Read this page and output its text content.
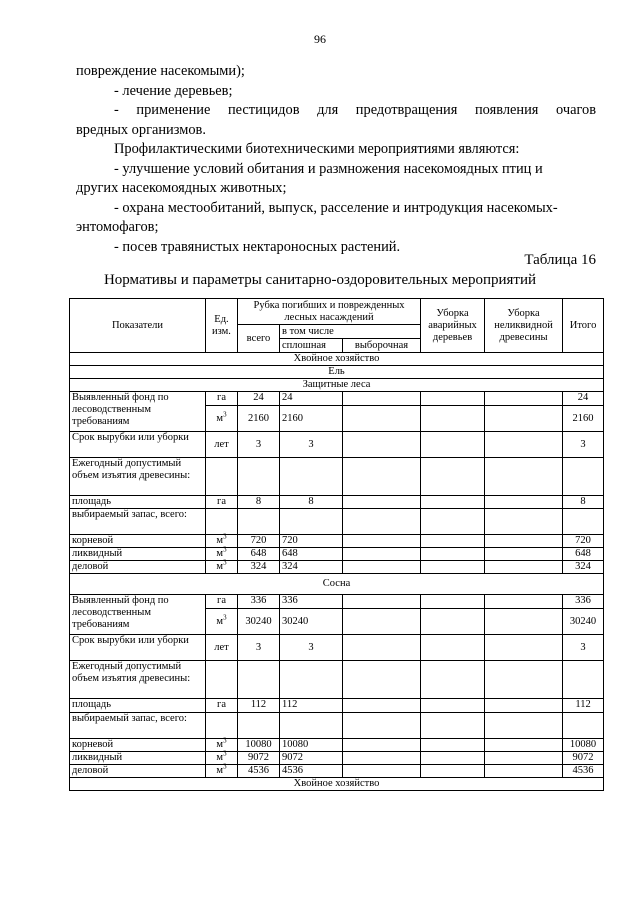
96
повреждение насекомыми);
- лечение деревьев;
- применение пестицидов для предотвращения появления очагов
вредных организмов.
Профилактическими биотехническими мероприятиями являются:
- улучшение условий обитания и размножения насекомоядных птиц и
других насекомоядных животных;
- охрана местообитаний, выпуск, расселение и интродукция насекомых-
энтомофагов;
- посев травянистых нектароносных растений.
Таблица 16
Нормативы и параметры санитарно-оздоровительных мероприятий
Показатели	Ед. изм.	Рубка погибших и поврежденных лесных насаждений			Уборка аварийных деревьев	Уборка неликвидной древесины	Итого
		всего	в том числе				
			сплошная	выборочная			
Хвойное хозяйство							
Ель							
Защитные леса							
Выявленный фонд по лесоводственным требованиям	га	24	24				24
	$м^3$	2160	2160				2160
Срок вырубки или уборки	лет	3	3				3
Ежегодный допустимый объем изъятия древесины:							
площадь	га	8	8				8
выбираемый запас, всего:							
корневой	$м^3$	720	720				720
ликвидный	$м^3$	648	648				648
деловой	$м^3$	324	324				324
Сосна							
Выявленный фонд по лесоводственным требованиям	га	336	336				336
	$м^3$	30240	30240				30240
Срок вырубки или уборки	лет	3	3				3
Ежегодный допустимый объем изъятия древесины:							
площадь	га	112	112				112
выбираемый запас, всего:							
корневой	$м^3$	10080	10080				10080
ликвидный	$м^3$	9072	9072				9072
деловой	$м^3$	4536	4536				4536
Хвойное хозяйство							
